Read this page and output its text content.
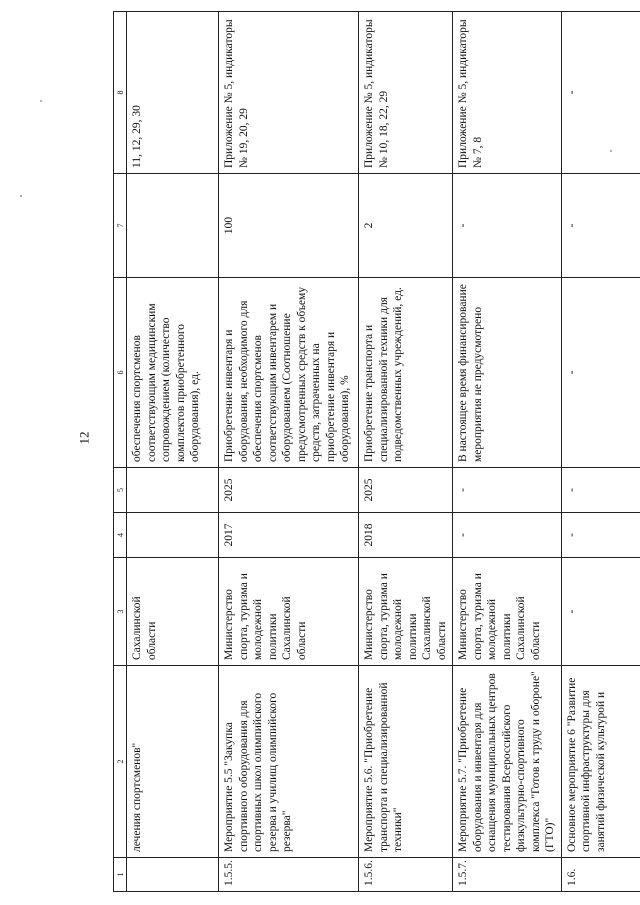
12
1	2	3	4	5	6	7	8
	лечения спортсменов"	Сахалинской области			обеспечения спортсменов соответствующим медицинским сопровождением (количество комплектов приобретенного оборудования), ед.		11, 12, 29, 30
1.5.5.	Мероприятие 5.5 "Закупка спортивного оборудования для спортивных школ олимпийского резерва и училищ олимпийского резерва"	Министерство спорта, туризма и молодежной политики Сахалинской области	2017	2025	Приобретение инвентаря и оборудования, необходимого для обеспечения спортсменов соответствующим инвентарем и оборудованием (Соотношение предусмотренных средств к объему средств, затраченных на приобретение инвентаря и оборудования), %	100	Приложение № 5, индикаторы № 19, 20, 29
1.5.6.	Мероприятие 5.6. "Приобретение транспорта и специализированной техники"	Министерство спорта, туризма и молодежной политики Сахалинской области	2018	2025	Приобретение транспорта и специализированной техники для подведомственных учреждений, ед.	2	Приложение № 5, индикаторы № 10, 18, 22, 29
1.5.7.	Мероприятие 5.7. "Приобретение оборудования и инвентаря для оснащения муниципальных центров тестирования Всероссийского физкультурно-спортивного комплекса "Готов к труду и обороне" (ГТО)"	Министерство спорта, туризма и молодежной политики Сахалинской области	-	-	В настоящее время финансирование мероприятия не предусмотрено	-	Приложение № 5, индикаторы № 7, 8
1.6.	Основное мероприятие 6 "Развитие спортивной инфраструктуры для занятий физической культурой и	-	-	-	-	-	-
